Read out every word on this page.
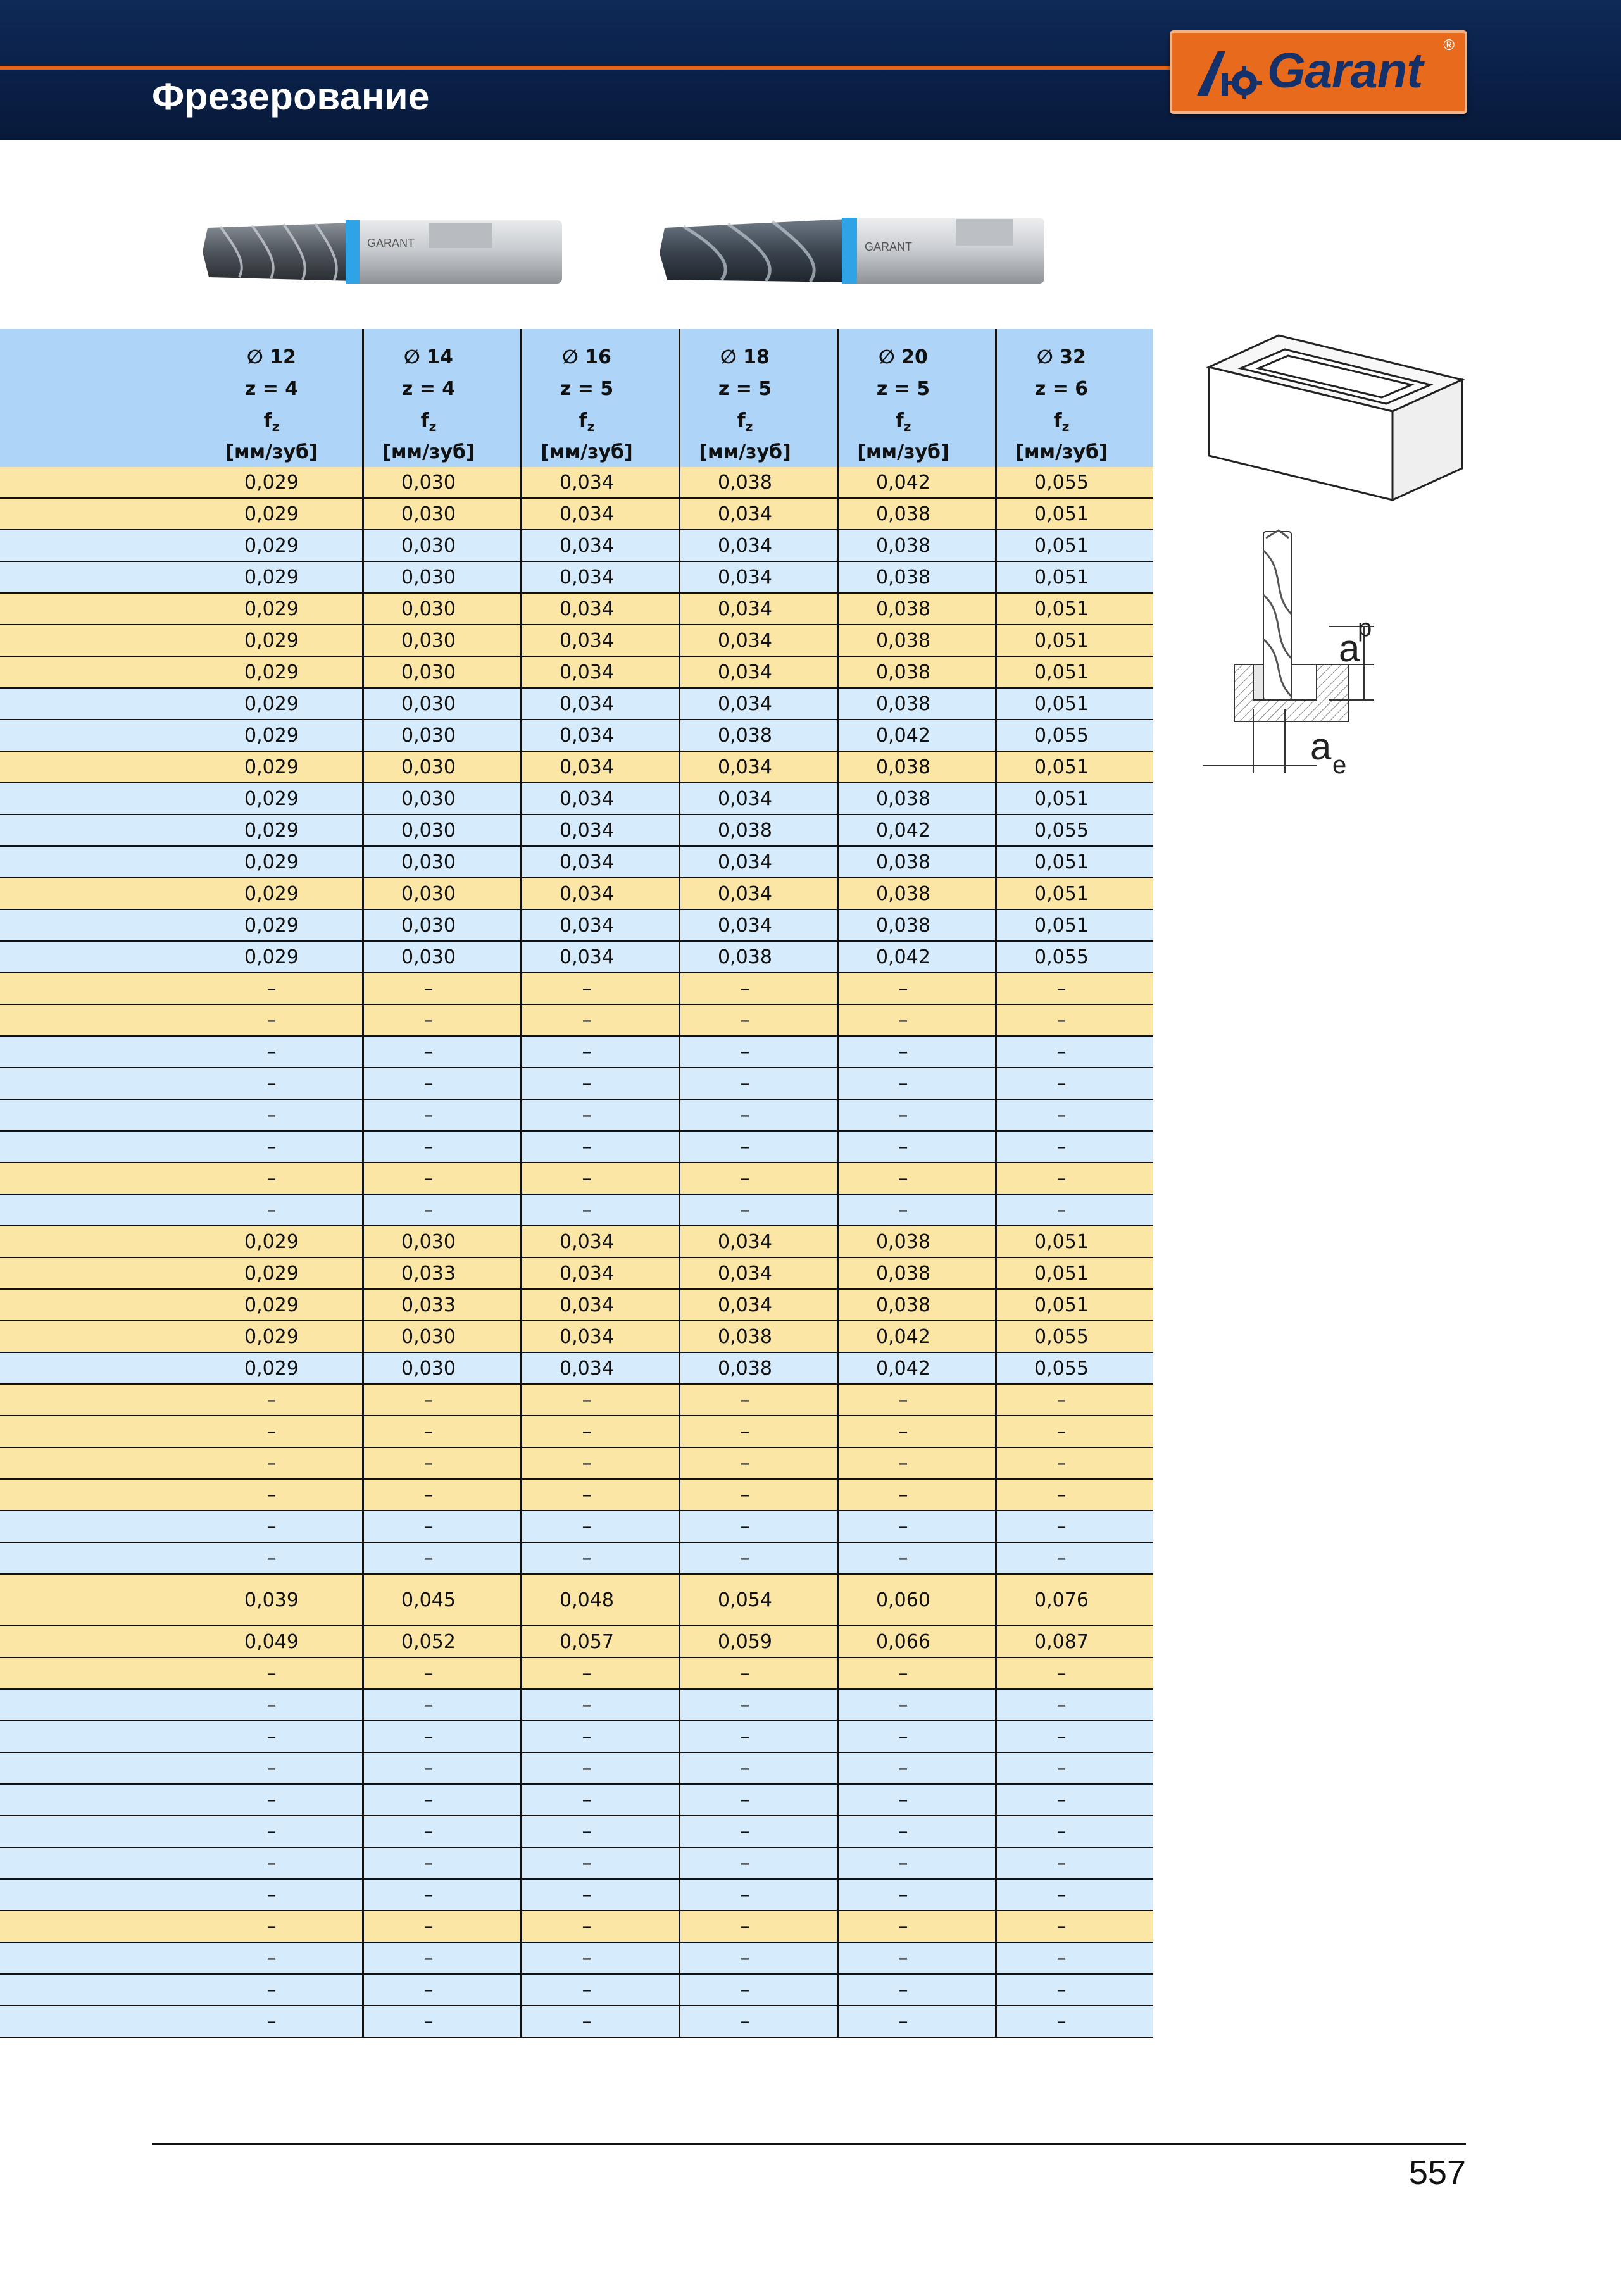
Фрезерование	Garant ®
GARANT	GARANT
∅ 12
z = 4
$f_z$
[мм/зуб]
∅ 14
z = 4
$f_z$
[мм/зуб]
∅ 16
z = 5
$f_z$
[мм/зуб]
∅ 18
z = 5
$f_z$
[мм/зуб]
∅ 20
z = 5
$f_z$
[мм/зуб]
∅ 32
z = 6
$f_z$
[мм/зуб]
0,029	0,030	0,034	0,038	0,042	0,055
0,029	0,030	0,034	0,034	0,038	0,051
0,029	0,030	0,034	0,034	0,038	0,051
0,029	0,030	0,034	0,034	0,038	0,051
0,029	0,030	0,034	0,034	0,038	0,051
0,029	0,030	0,034	0,034	0,038	0,051
0,029	0,030	0,034	0,034	0,038	0,051
0,029	0,030	0,034	0,034	0,038	0,051
0,029	0,030	0,034	0,038	0,042	0,055
0,029	0,030	0,034	0,034	0,038	0,051
0,029	0,030	0,034	0,034	0,038	0,051
0,029	0,030	0,034	0,038	0,042	0,055
0,029	0,030	0,034	0,034	0,038	0,051
0,029	0,030	0,034	0,034	0,038	0,051
0,029	0,030	0,034	0,034	0,038	0,051
0,029	0,030	0,034	0,038	0,042	0,055
–	–	–	–	–	–
–	–	–	–	–	–
–	–	–	–	–	–
–	–	–	–	–	–
–	–	–	–	–	–
–	–	–	–	–	–
–	–	–	–	–	–
–	–	–	–	–	–
0,029	0,030	0,034	0,034	0,038	0,051
0,029	0,033	0,034	0,034	0,038	0,051
0,029	0,033	0,034	0,034	0,038	0,051
0,029	0,030	0,034	0,038	0,042	0,055
0,029	0,030	0,034	0,038	0,042	0,055
–	–	–	–	–	–
–	–	–	–	–	–
–	–	–	–	–	–
–	–	–	–	–	–
–	–	–	–	–	–
–	–	–	–	–	–
0,039	0,045	0,048	0,054	0,060	0,076
0,049	0,052	0,057	0,059	0,066	0,087
–	–	–	–	–	–
–	–	–	–	–	–
–	–	–	–	–	–
–	–	–	–	–	–
–	–	–	–	–	–
–	–	–	–	–	–
–	–	–	–	–	–
–	–	–	–	–	–
–	–	–	–	–	–
–	–	–	–	–	–
–	–	–	–	–	–
–	–	–	–	–	–
a
p
a e
557
